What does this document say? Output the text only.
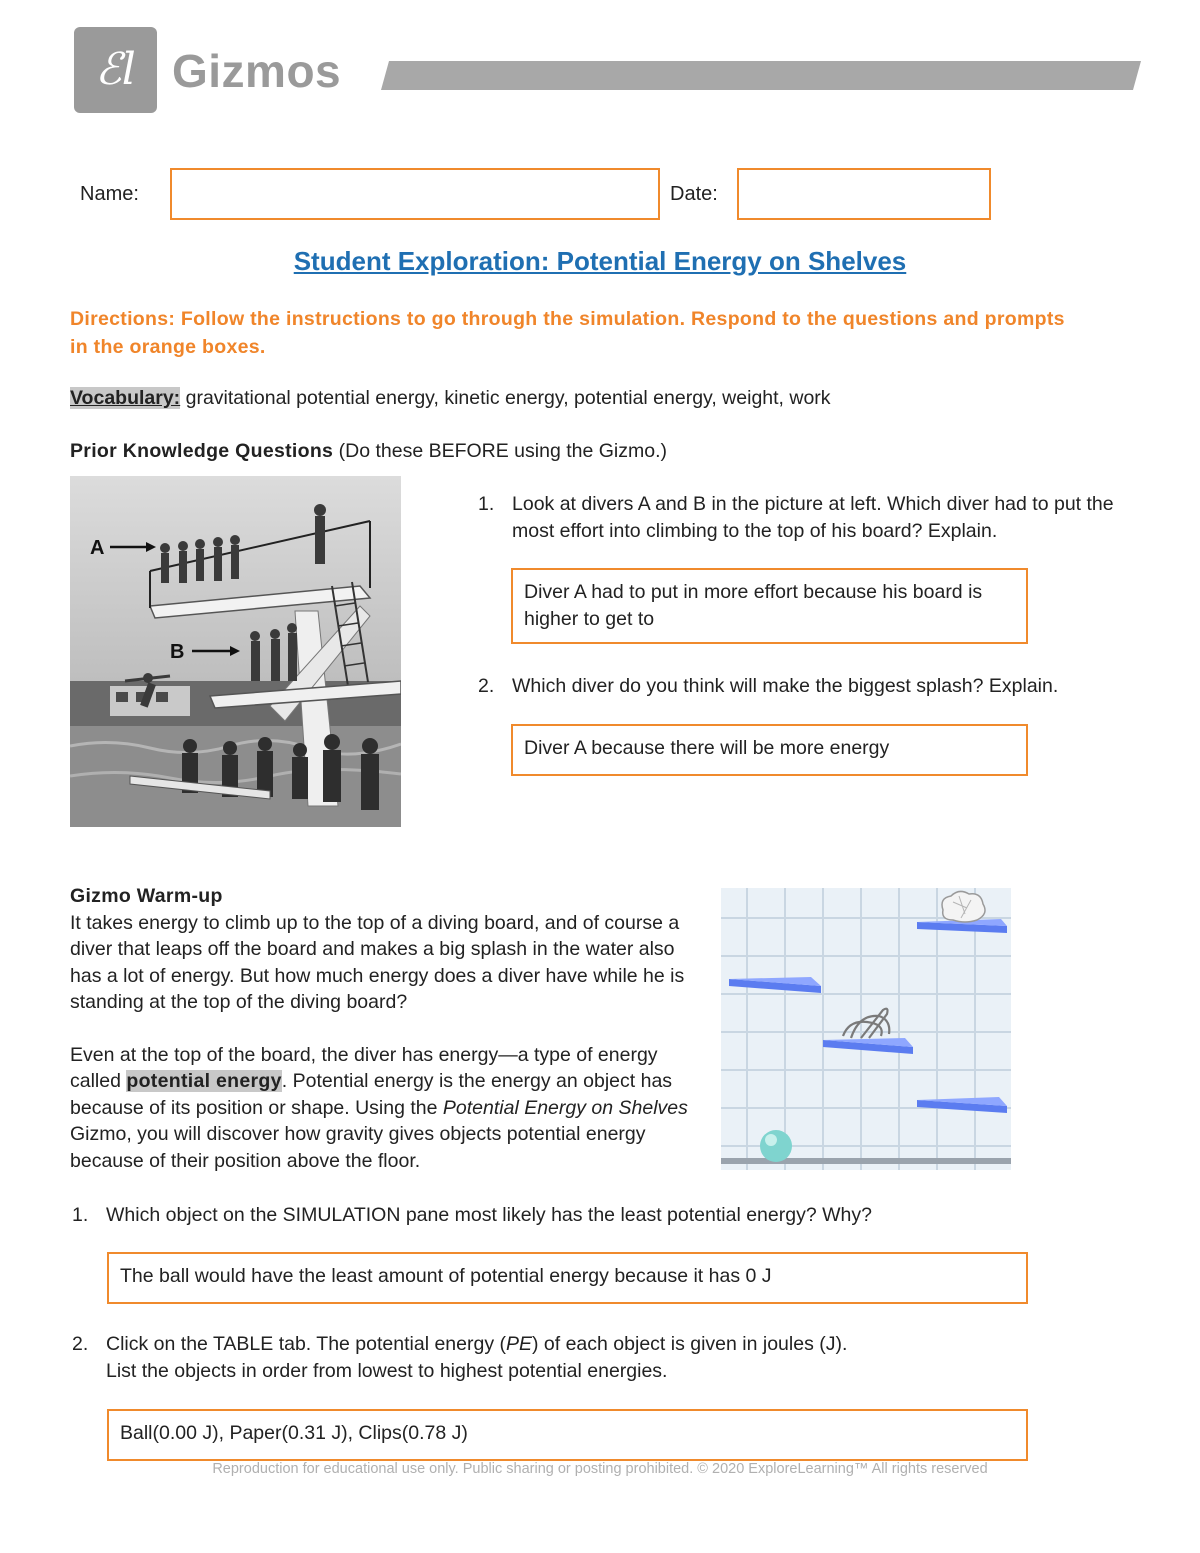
ℰl Gizmos
Name:	Date:
Student Exploration: Potential Energy on Shelves
Directions: Follow the instructions to go through the simulation. Respond to the questions and prompts in the orange boxes.
Vocabulary: gravitational potential energy, kinetic energy, potential energy, weight, work
Prior Knowledge Questions (Do these BEFORE using the Gizmo.)
A
B
1. Look at divers A and B in the picture at left. Which diver had to put the most effort into climbing to the top of his board? Explain.
Diver A had to put in more effort because his board is higher to get to
2. Which diver do you think will make the biggest splash? Explain.
Diver A because there will be more energy
Gizmo Warm-up
It takes energy to climb up to the top of a diving board, and of course a diver that leaps off the board and makes a big splash in the water also has a lot of energy. But how much energy does a diver have while he is standing at the top of the diving board?
Even at the top of the board, the diver has energy—a type of energy called potential energy. Potential energy is the energy an object has because of its position or shape. Using the Potential Energy on Shelves Gizmo, you will discover how gravity gives objects potential energy because of their position above the floor.
1. Which object on the SIMULATION pane most likely has the least potential energy? Why?
The ball would have the least amount of potential energy because it has 0 J
2. Click on the TABLE tab. The potential energy (PE) of each object is given in joules (J).
List the objects in order from lowest to highest potential energies.
Ball(0.00 J), Paper(0.31 J), Clips(0.78 J)
Reproduction for educational use only. Public sharing or posting prohibited. © 2020 ExploreLearning™ All rights reserved
